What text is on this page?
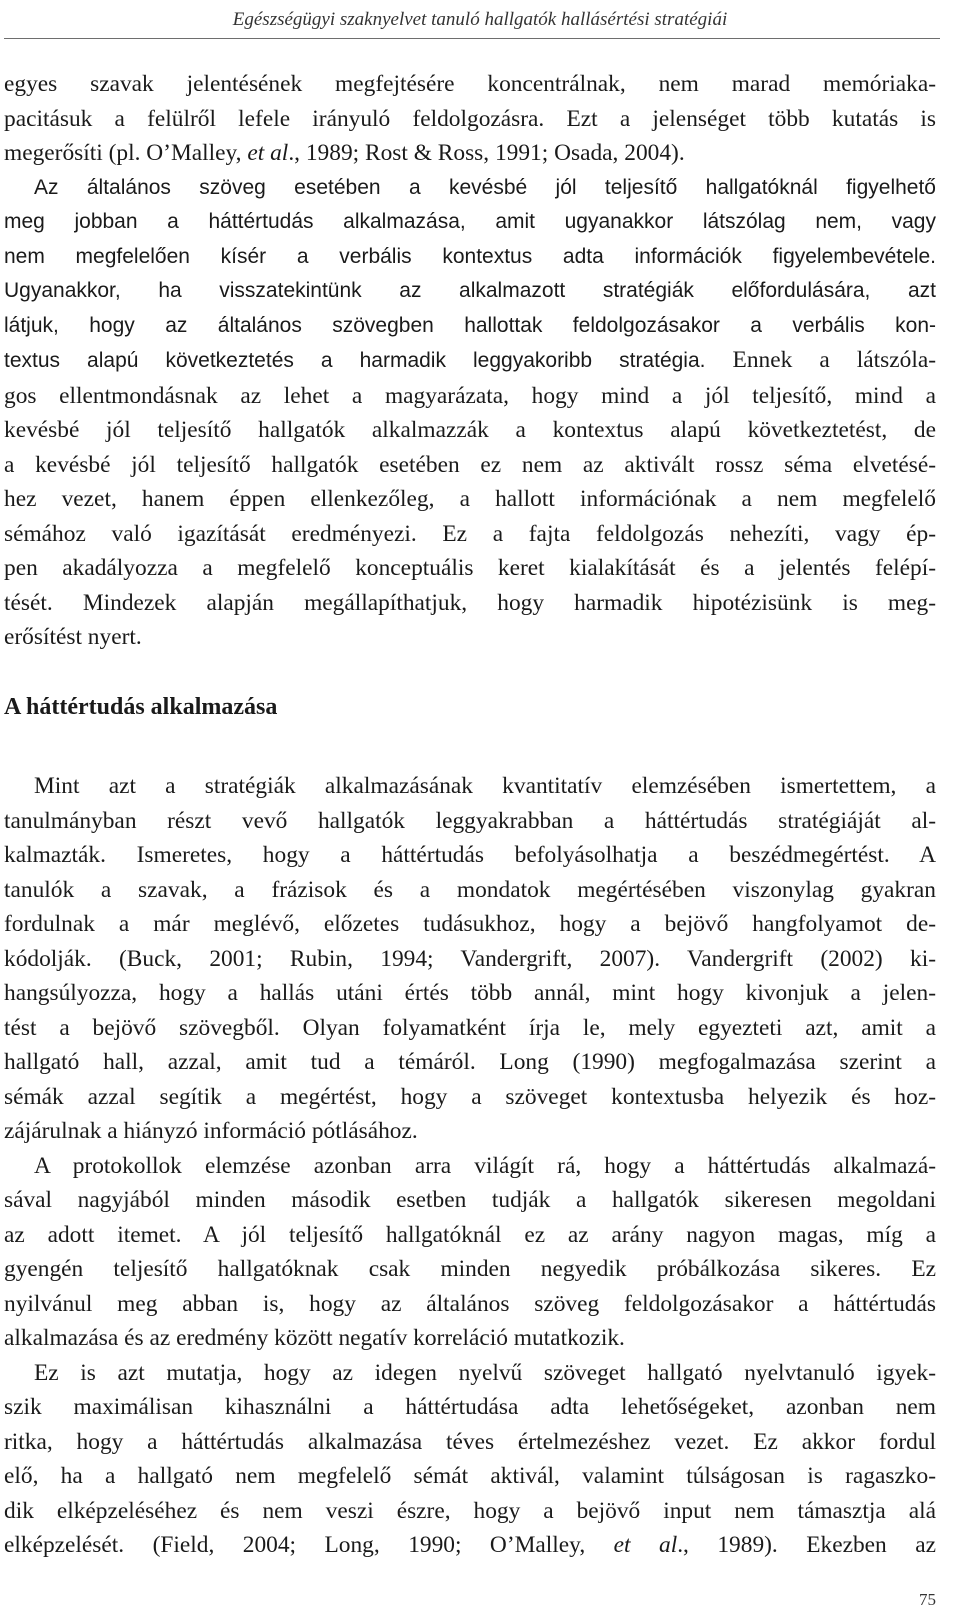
Egészségügyi szaknyelvet tanuló hallgatók hallásértési stratégiái

egyes szavak jelentésének megfejtésére koncentrálnak, nem marad memóriaka-

pacitásuk a felülről lefele irányuló feldolgozásra. Ezt a jelenséget több kutatás is

megerősíti (pl. O’Malley, et al., 1989; Rost & Ross, 1991; Osada, 2004).

Az általános szöveg esetében a kevésbé jól teljesítő hallgatóknál figyelhető

meg jobban a háttértudás alkalmazása, amit ugyanakkor látszólag nem, vagy

nem megfelelően kísér a verbális kontextus adta információk figyelembevétele.

Ugyanakkor, ha visszatekintünk az alkalmazott stratégiák előfordulására, azt

látjuk, hogy az általános szövegben hallottak feldolgozásakor a verbális kon-

textus alapú következtetés a harmadik leggyakoribb stratégia. Ennek a látszóla-

gos ellentmondásnak az lehet a magyarázata, hogy mind a jól teljesítő, mind a

kevésbé jól teljesítő hallgatók alkalmazzák a kontextus alapú következtetést, de

a kevésbé jól teljesítő hallgatók esetében ez nem az aktivált rossz séma elvetésé-

hez vezet, hanem éppen ellenkezőleg, a hallott információnak a nem megfelelő

sémához való igazítását eredményezi. Ez a fajta feldolgozás nehezíti, vagy ép-

pen akadályozza a megfelelő konceptuális keret kialakítását és a jelentés felépí-

tését. Mindezek alapján megállapíthatjuk, hogy harmadik hipotézisünk is meg-

erősítést nyert.

A háttértudás alkalmazása

Mint azt a stratégiák alkalmazásának kvantitatív elemzésében ismertettem, a

tanulmányban részt vevő hallgatók leggyakrabban a háttértudás stratégiáját al-

kalmazták. Ismeretes, hogy a háttértudás befolyásolhatja a beszédmegértést. A

tanulók a szavak, a frázisok és a mondatok megértésében viszonylag gyakran

fordulnak a már meglévő, előzetes tudásukhoz, hogy a bejövő hangfolyamot de-

kódolják. (Buck, 2001; Rubin, 1994; Vandergrift, 2007). Vandergrift (2002) ki-

hangsúlyozza, hogy a hallás utáni értés több annál, mint hogy kivonjuk a jelen-

tést a bejövő szövegből. Olyan folyamatként írja le, mely egyezteti azt, amit a

hallgató hall, azzal, amit tud a témáról. Long (1990) megfogalmazása szerint a

sémák azzal segítik a megértést, hogy a szöveget kontextusba helyezik és hoz-

zájárulnak a hiányzó információ pótlásához.

A protokollok elemzése azonban arra világít rá, hogy a háttértudás alkalmazá-

sával nagyjából minden második esetben tudják a hallgatók sikeresen megoldani

az adott itemet. A jól teljesítő hallgatóknál ez az arány nagyon magas, míg a

gyengén teljesítő hallgatóknak csak minden negyedik próbálkozása sikeres. Ez

nyilvánul meg abban is, hogy az általános szöveg feldolgozásakor a háttértudás

alkalmazása és az eredmény között negatív korreláció mutatkozik.

Ez is azt mutatja, hogy az idegen nyelvű szöveget hallgató nyelvtanuló igyek-

szik maximálisan kihasználni a háttértudása adta lehetőségeket, azonban nem

ritka, hogy a háttértudás alkalmazása téves értelmezéshez vezet. Ez akkor fordul

elő, ha a hallgató nem megfelelő sémát aktivál, valamint túlságosan is ragaszko-

dik elképzeléséhez és nem veszi észre, hogy a bejövő input nem támasztja alá

elképzelését. (Field, 2004; Long, 1990; O’Malley, et al., 1989). Ekezben az

75
